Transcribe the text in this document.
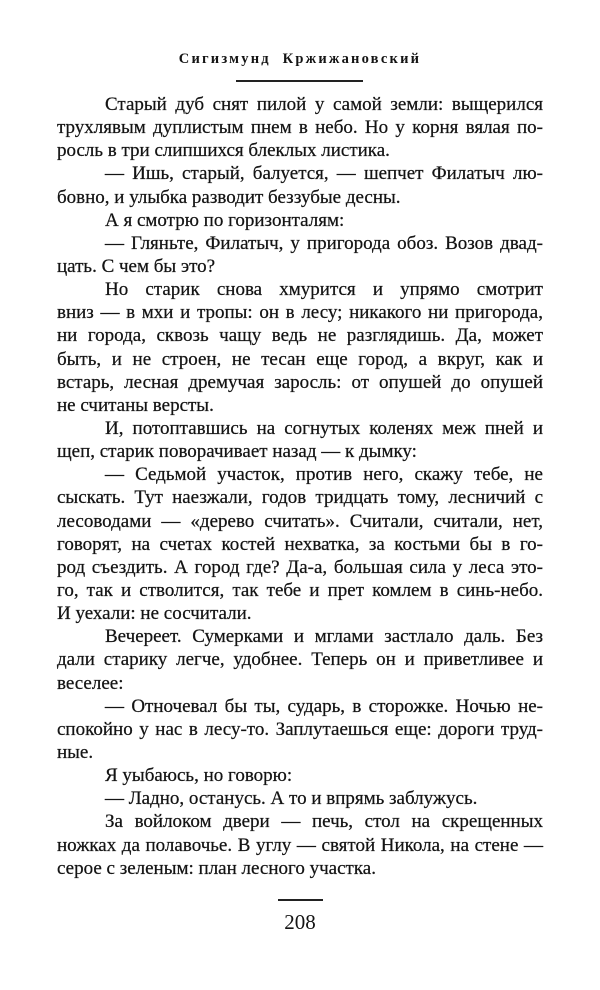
Сигизмунд Кржижановский
Старый дуб снят пилой у самой земли: выщерился
трухлявым дуплистым пнем в небо. Но у корня вялая по-
росль в три слипшихся блеклых листика.
— Ишь, старый, балуется, — шепчет Филатыч лю-
бовно, и улыбка разводит беззубые десны.
А я смотрю по горизонталям:
— Гляньте, Филатыч, у пригорода обоз. Возов двад-
цать. С чем бы это?
Но старик снова хмурится и упрямо смотрит
вниз — в мхи и тропы: он в лесу; никакого ни пригорода,
ни города, сквозь чащу ведь не разглядишь. Да, может
быть, и не строен, не тесан еще город, а вкруг, как и
встарь, лесная дремучая заросль: от опушей до опушей
не считаны версты.
И, потоптавшись на согнутых коленях меж пней и
щеп, старик поворачивает назад — к дымку:
— Седьмой участок, против него, скажу тебе, не
сыскать. Тут наезжали, годов тридцать тому, лесничий с
лесоводами — «дерево считать». Считали, считали, нет,
говорят, на счетах костей нехватка, за костьми бы в го-
род съездить. А город где? Да-а, большая сила у леса это-
го, так и стволится, так тебе и прет комлем в синь-небо.
И уехали: не сосчитали.
Вечереет. Сумерками и мглами застлало даль. Без
дали старику легче, удобнее. Теперь он и приветливее и
веселее:
— Отночевал бы ты, сударь, в сторожке. Ночью не-
спокойно у нас в лесу-то. Заплутаешься еще: дороги труд-
ные.
Я уыбаюсь, но говорю:
— Ладно, останусь. А то и впрямь заблужусь.
За войлоком двери — печь, стол на скрещенных
ножках да полавочье. В углу — святой Никола, на стене —
серое с зеленым: план лесного участка.
208
